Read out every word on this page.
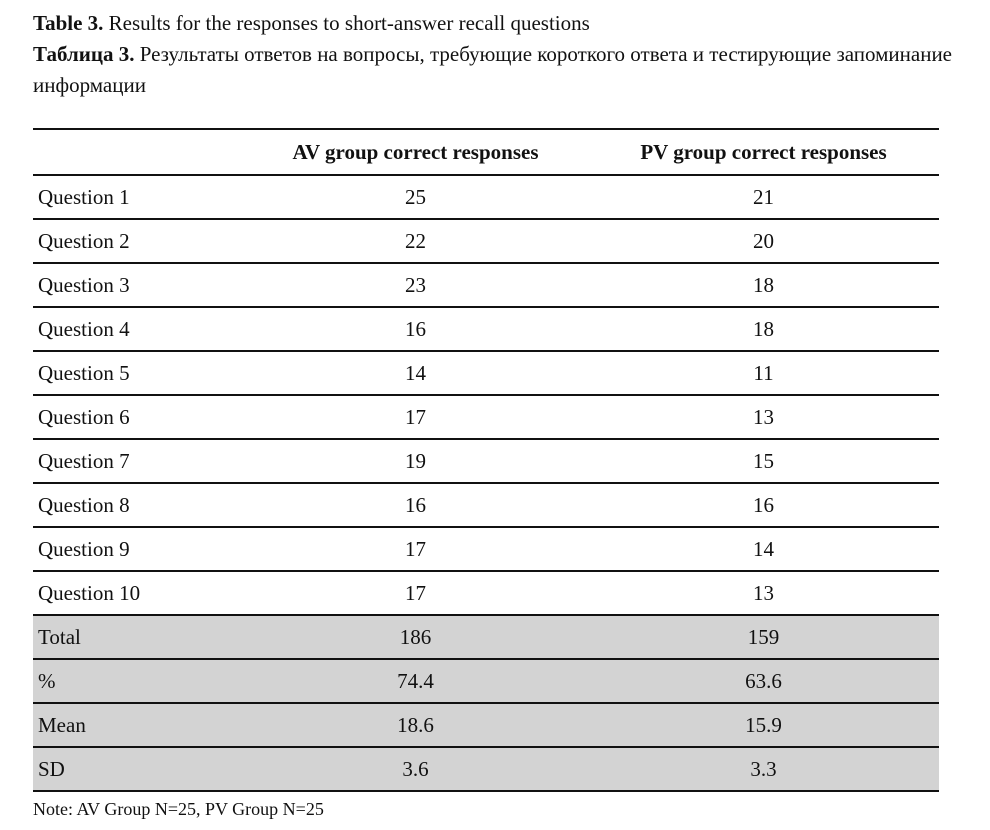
Table 3. Results for the responses to short-answer recall questions
Таблица 3. Результаты ответов на вопросы, требующие короткого ответа и тестирующие запоминание информации
	AV group correct responses	PV group correct responses
Question 1	25	21
Question 2	22	20
Question 3	23	18
Question 4	16	18
Question 5	14	11
Question 6	17	13
Question 7	19	15
Question 8	16	16
Question 9	17	14
Question 10	17	13
Total	186	159
%	74.4	63.6
Mean	18.6	15.9
SD	3.6	3.3
Note: AV Group N=25, PV Group N=25
